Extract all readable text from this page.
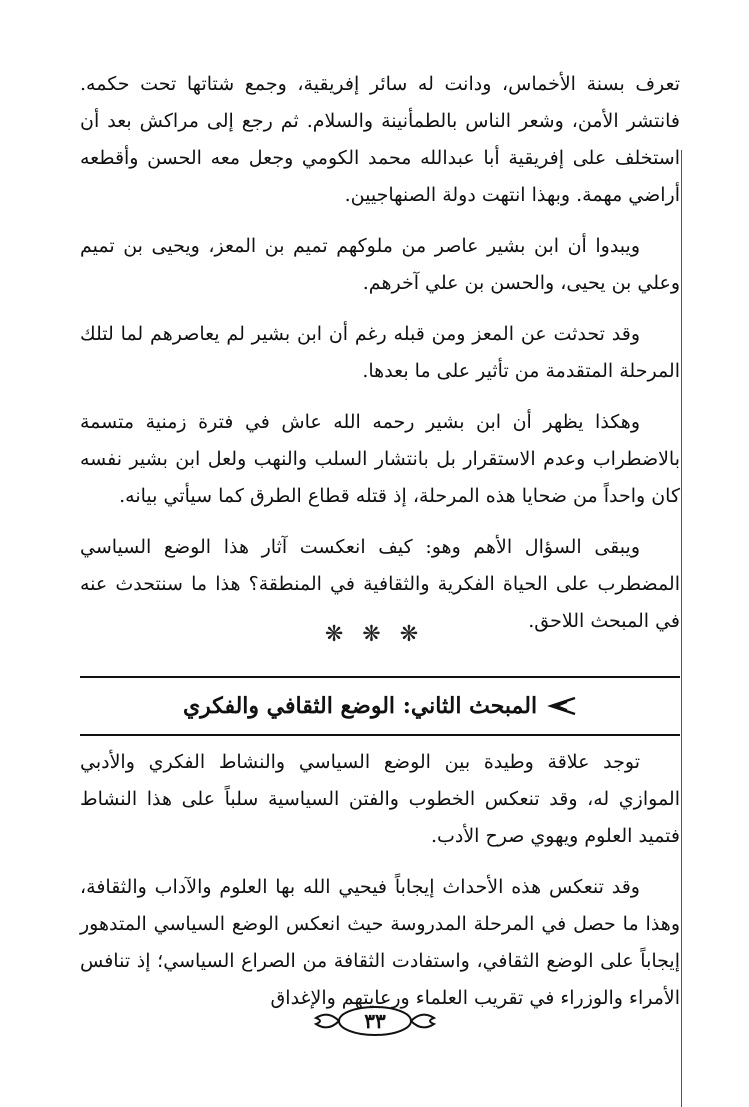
تعرف بسنة الأخماس، ودانت له سائر إفريقية، وجمع شتاتها تحت حكمه. فانتشر الأمن، وشعر الناس بالطمأنينة والسلام. ثم رجع إلى مراكش بعد أن استخلف على إفريقية أبا عبدالله محمد الكومي وجعل معه الحسن وأقطعه أراضي مهمة. وبهذا انتهت دولة الصنهاجيين.

ويبدوا أن ابن بشير عاصر من ملوكهم تميم بن المعز، ويحيى بن تميم وعلي بن يحيى، والحسن بن علي آخرهم.

وقد تحدثت عن المعز ومن قبله رغم أن ابن بشير لم يعاصرهم لما لتلك المرحلة المتقدمة من تأثير على ما بعدها.

وهكذا يظهر أن ابن بشير رحمه الله عاش في فترة زمنية متسمة بالاضطراب وعدم الاستقرار بل بانتشار السلب والنهب ولعل ابن بشير نفسه كان واحداً من ضحايا هذه المرحلة، إذ قتله قطاع الطرق كما سيأتي بيانه.

ويبقى السؤال الأهم وهو: كيف انعكست آثار هذا الوضع السياسي المضطرب على الحياة الفكرية والثقافية في المنطقة؟ هذا ما سنتحدث عنه في المبحث اللاحق.

❋ ❋ ❋
المبحث الثاني: الوضع الثقافي والفكري

توجد علاقة وطيدة بين الوضع السياسي والنشاط الفكري والأدبي الموازي له، وقد تنعكس الخطوب والفتن السياسية سلباً على هذا النشاط فتميد العلوم ويهوي صرح الأدب.

وقد تنعكس هذه الأحداث إيجاباً فيحيي الله بها العلوم والآداب والثقافة، وهذا ما حصل في المرحلة المدروسة حيث انعكس الوضع السياسي المتدهور إيجاباً على الوضع الثقافي، واستفادت الثقافة من الصراع السياسي؛ إذ تنافس الأمراء والوزراء في تقريب العلماء ورعايتهم والإغداق

٣٣
